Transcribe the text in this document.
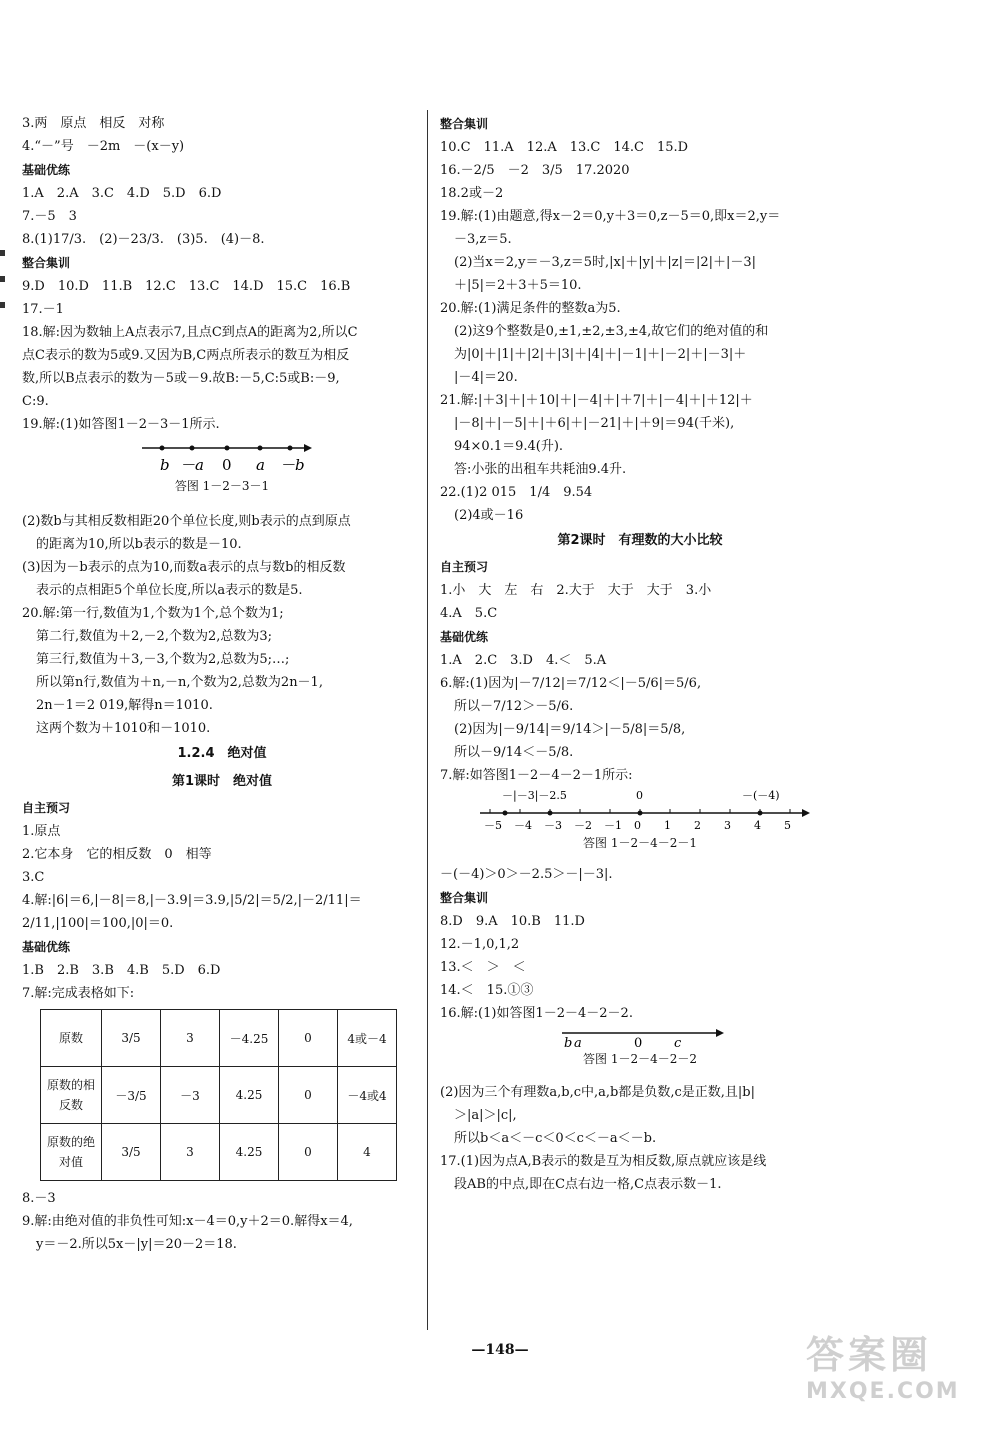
3.两　原点　相反　对称
4.“－”号　－2m　－(x－y)
基础优练
1.A　2.A　3.C　4.D　5.D　6.D
7.－5　3
8.(1)17/3.　(2)－23/3.　(3)5.　(4)－8.
整合集训
9.D　10.D　11.B　12.C　13.C　14.D　15.C　16.B
17.－1
18.解:因为数轴上A点表示7,且点C到点A的距离为2,所以C
点C表示的数为5或9.又因为B,C两点所表示的数互为相反
数,所以B点表示的数为－5或－9.故B:－5,C:5或B:－9,
C:9.
19.解:(1)如答图1－2－3－1所示.
b －a 0 a －b
答图 1－2－3－1
(2)数b与其相反数相距20个单位长度,则b表示的点到原点
的距离为10,所以b表示的数是－10.
(3)因为－b表示的点为10,而数a表示的点与数b的相反数
表示的点相距5个单位长度,所以a表示的数是5.
20.解:第一行,数值为1,个数为1个,总个数为1;
第二行,数值为＋2,－2,个数为2,总数为3;
第三行,数值为＋3,－3,个数为2,总数为5;…;
所以第n行,数值为＋n,－n,个数为2,总数为2n－1,
2n－1＝2 019,解得n＝1010.
这两个数为＋1010和－1010.
1.2.4　绝对值
第1课时　绝对值
自主预习
1.原点
2.它本身　它的相反数　0　相等
3.C
4.解:|6|＝6,|－8|＝8,|－3.9|＝3.9,|5/2|＝5/2,|－2/11|＝
2/11,|100|＝100,|0|＝0.
基础优练
1.B　2.B　3.B　4.B　5.D　6.D
7.解:完成表格如下:
原数	3/5	3	－4.25	0	4或－4
原数的相反数	－3/5	－3	4.25	0	－4或4
原数的绝对值	3/5	3	4.25	0	4
8.－3
9.解:由绝对值的非负性可知:x－4＝0,y＋2＝0.解得x＝4,
y＝－2.所以5x－|y|＝20－2＝18.
整合集训
10.C　11.A　12.A　13.C　14.C　15.D
16.－2/5　－2　3/5　17.2020
18.2或－2
19.解:(1)由题意,得x－2＝0,y＋3＝0,z－5＝0,即x＝2,y＝
－3,z＝5.
(2)当x＝2,y＝－3,z＝5时,|x|＋|y|＋|z|＝|2|＋|－3|
＋|5|＝2＋3＋5＝10.
20.解:(1)满足条件的整数a为5.
(2)这9个整数是0,±1,±2,±3,±4,故它们的绝对值的和
为|0|＋|1|＋|2|＋|3|＋|4|＋|－1|＋|－2|＋|－3|＋
|－4|＝20.
21.解:|＋3|＋|＋10|＋|－4|＋|＋7|＋|－4|＋|＋12|＋
|－8|＋|－5|＋|＋6|＋|－21|＋|＋9|＝94(千米),
94×0.1＝9.4(升).
答:小张的出租车共耗油9.4升.
22.(1)2 015　1/4　9.54
(2)4或－16
第2课时　有理数的大小比较
自主预习
1.小　大　左　右　2.大于　大于　大于　3.小
4.A　5.C
基础优练
1.A　2.C　3.D　4.＜　5.A
6.解:(1)因为|－7/12|＝7/12＜|－5/6|＝5/6,
所以－7/12＞－5/6.
(2)因为|－9/14|＝9/14＞|－5/8|＝5/8,
所以－9/14＜－5/8.
7.解:如答图1－2－4－2－1所示:
－|－3|－2.5	0	－(－4)
－5 －4 －3 －2 －1 0 1 2 3 4 5
答图 1－2－4－2－1
－(－4)＞0＞－2.5＞－|－3|.
整合集训
8.D　9.A　10.B　11.D
12.－1,0,1,2
13.＜　＞　＜
14.＜　15.①③
16.解:(1)如答图1－2－4－2－2.
b a	0 c
答图 1－2－4－2－2
(2)因为三个有理数a,b,c中,a,b都是负数,c是正数,且|b|
＞|a|＞|c|,
所以b＜a＜－c＜0＜c＜－a＜－b.
17.(1)因为点A,B表示的数是互为相反数,原点就应该是线
段AB的中点,即在C点右边一格,C点表示数－1.
—148—	答案圈
MXQE.COM
